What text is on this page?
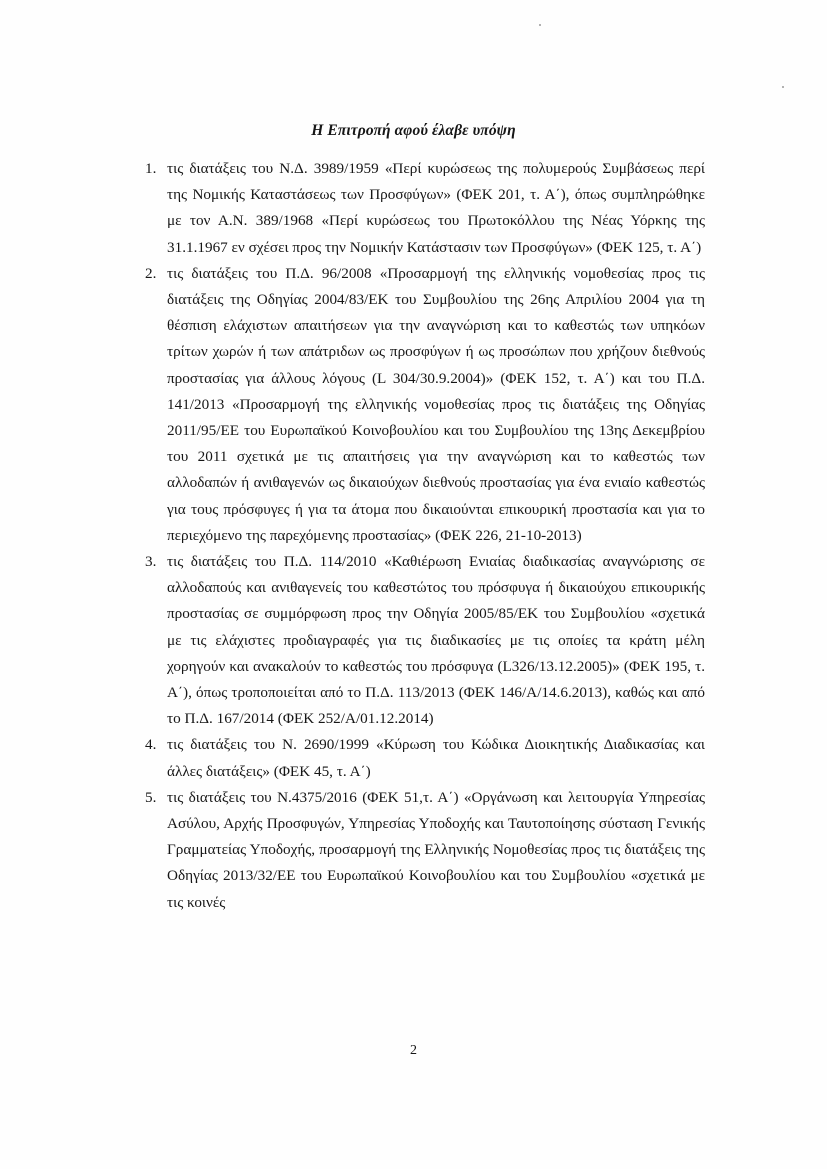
Η Επιτροπή αφού έλαβε υπόψη
1. τις διατάξεις του Ν.Δ. 3989/1959 «Περί κυρώσεως της πολυμερούς Συμβάσεως περί της Νομικής Καταστάσεως των Προσφύγων» (ΦΕΚ 201, τ. Α΄), όπως συμπληρώθηκε με τον Α.Ν. 389/1968 «Περί κυρώσεως του Πρωτοκόλλου της Νέας Υόρκης της 31.1.1967 εν σχέσει προς την Νομικήν Κατάστασιν των Προσφύγων» (ΦΕΚ 125, τ. Α΄)
2. τις διατάξεις του Π.Δ. 96/2008 «Προσαρμογή της ελληνικής νομοθεσίας προς τις διατάξεις της Οδηγίας 2004/83/ΕΚ του Συμβουλίου της 26ης Απριλίου 2004 για τη θέσπιση ελάχιστων απαιτήσεων για την αναγνώριση και το καθεστώς των υπηκόων τρίτων χωρών ή των απάτριδων ως προσφύγων ή ως προσώπων που χρήζουν διεθνούς προστασίας για άλλους λόγους (L 304/30.9.2004)» (ΦΕΚ 152, τ. Α΄) και του Π.Δ. 141/2013 «Προσαρμογή της ελληνικής νομοθεσίας προς τις διατάξεις της Οδηγίας 2011/95/ΕΕ του Ευρωπαϊκού Κοινοβουλίου και του Συμβουλίου της 13ης Δεκεμβρίου του 2011 σχετικά με τις απαιτήσεις για την αναγνώριση και το καθεστώς των αλλοδαπών ή ανιθαγενών ως δικαιούχων διεθνούς προστασίας για ένα ενιαίο καθεστώς για τους πρόσφυγες ή για τα άτομα που δικαιούνται επικουρική προστασία και για το περιεχόμενο της παρεχόμενης προστασίας» (ΦΕΚ 226, 21-10-2013)
3. τις διατάξεις του Π.Δ. 114/2010 «Καθιέρωση Ενιαίας διαδικασίας αναγνώρισης σε αλλοδαπούς και ανιθαγενείς του καθεστώτος του πρόσφυγα ή δικαιούχου επικουρικής προστασίας σε συμμόρφωση προς την Οδηγία 2005/85/ΕΚ του Συμβουλίου «σχετικά με τις ελάχιστες προδιαγραφές για τις διαδικασίες με τις οποίες τα κράτη μέλη χορηγούν και ανακαλούν το καθεστώς του πρόσφυγα (L326/13.12.2005)» (ΦΕΚ 195, τ. Α΄), όπως τροποποιείται από το Π.Δ. 113/2013 (ΦΕΚ 146/Α/14.6.2013), καθώς και από το Π.Δ. 167/2014 (ΦΕΚ 252/Α/01.12.2014)
4. τις διατάξεις του Ν. 2690/1999 «Κύρωση του Κώδικα Διοικητικής Διαδικασίας και άλλες διατάξεις» (ΦΕΚ 45, τ. Α΄)
5. τις διατάξεις του Ν.4375/2016 (ΦΕΚ 51,τ. Α΄) «Οργάνωση και λειτουργία Υπηρεσίας Ασύλου, Αρχής Προσφυγών, Υπηρεσίας Υποδοχής και Ταυτοποίησης σύσταση Γενικής Γραμματείας Υποδοχής, προσαρμογή της Ελληνικής Νομοθεσίας προς τις διατάξεις της Οδηγίας 2013/32/ΕΕ του Ευρωπαϊκού Κοινοβουλίου και του Συμβουλίου «σχετικά με τις κοινές
2
